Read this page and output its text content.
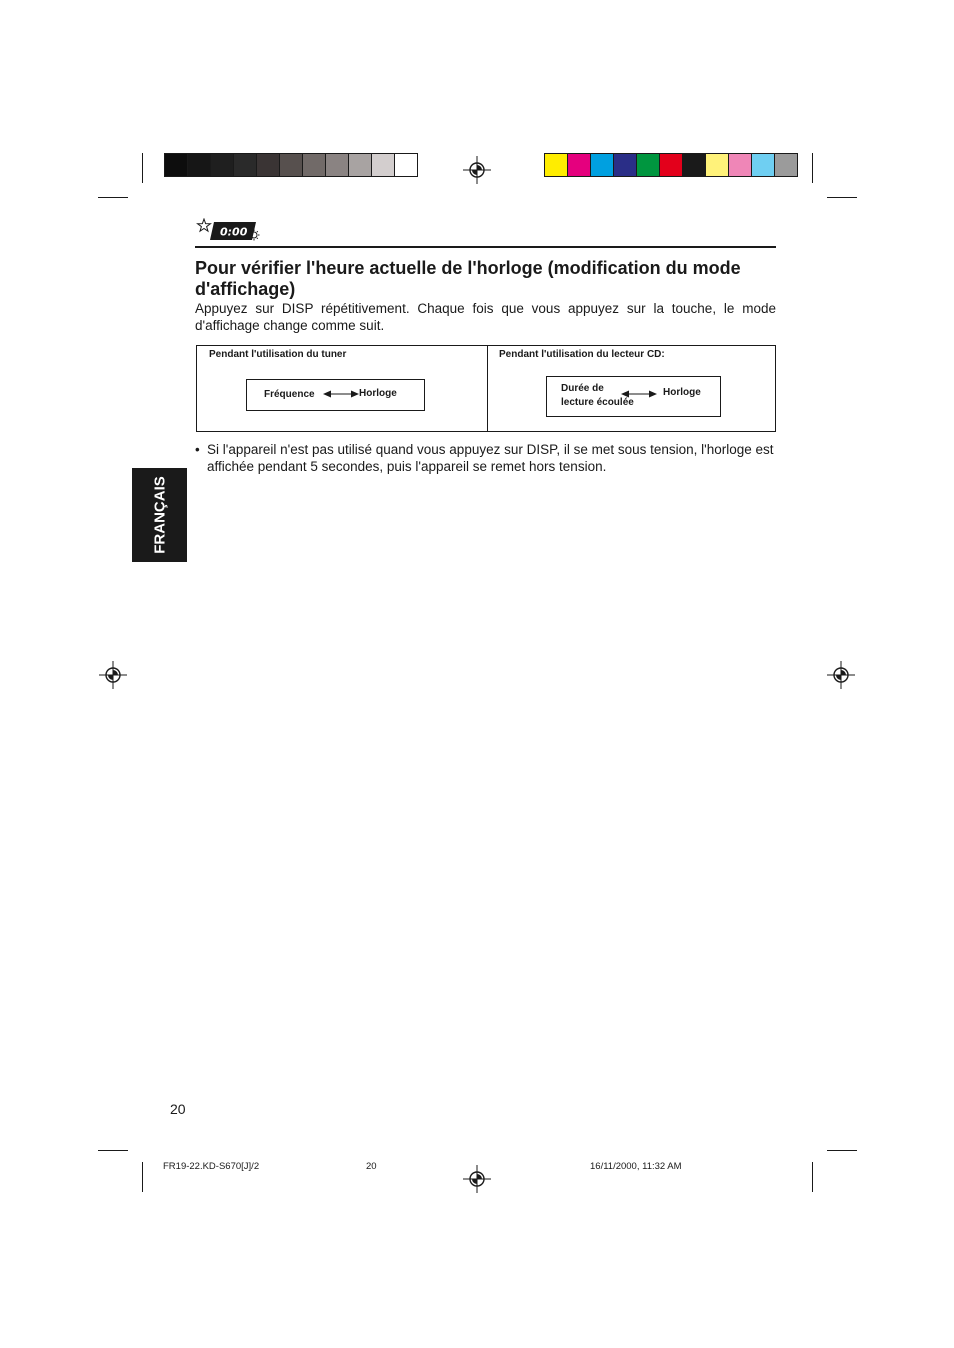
0:00
Pour vérifier l'heure actuelle de l'horloge (modification du mode d'affichage)

Appuyez sur DISP répétitivement. Chaque fois que vous appuyez sur la touche, le mode d'affichage change comme suit.

Pendant l'utilisation du tuner
Fréquence	Horloge
Pendant l'utilisation du lecteur CD:
Durée de
lecture écoulée
Horloge
• Si l'appareil n'est pas utilisé quand vous appuyez sur DISP, il se met sous tension, l'horloge est affichée pendant 5 secondes, puis l'appareil se remet hors tension.
FRANÇAIS
20
FR19-22.KD-S670[J]/2	20	16/11/2000, 11:32 AM
